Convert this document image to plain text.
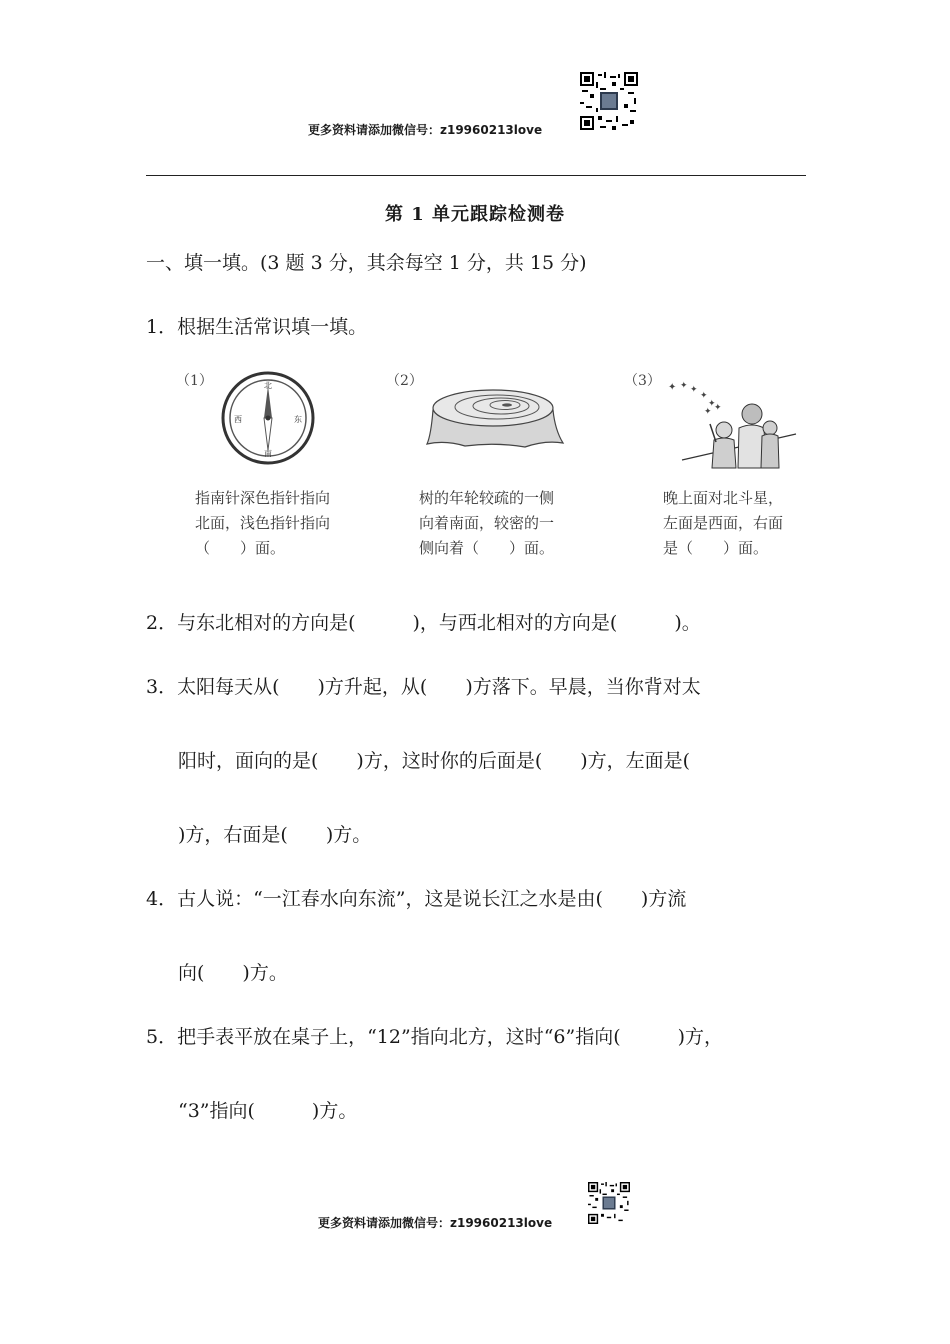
更多资料请添加微信号：z19960213love
第 1 单元跟踪检测卷
一、填一填。(3 题 3 分，其余每空 1 分，共 15 分)
1．根据生活常识填一填。
（1）	北
南
东
西
指南针深色指针指向
北面，浅色指针指向
（　　）面。
（2）
树的年轮较疏的一侧
向着南面，较密的一
侧向着（　　）面。
（3） ✦ ✦ ✦
✦
✦
✦ ✦
晚上面对北斗星，
左面是西面，右面
是（　　）面。
2．与东北相对的方向是(　　　)，与西北相对的方向是(　　　)。
3．太阳每天从(　　)方升起，从(　　)方落下。早晨，当你背对太
阳时，面向的是(　　)方，这时你的后面是(　　)方，左面是(
)方，右面是(　　)方。
4．古人说：“一江春水向东流”，这是说长江之水是由(　　)方流
向(　　)方。
5．把手表平放在桌子上，“12”指向北方，这时“6”指向(　　　)方，
“3”指向(　　　)方。
更多资料请添加微信号：z19960213love
